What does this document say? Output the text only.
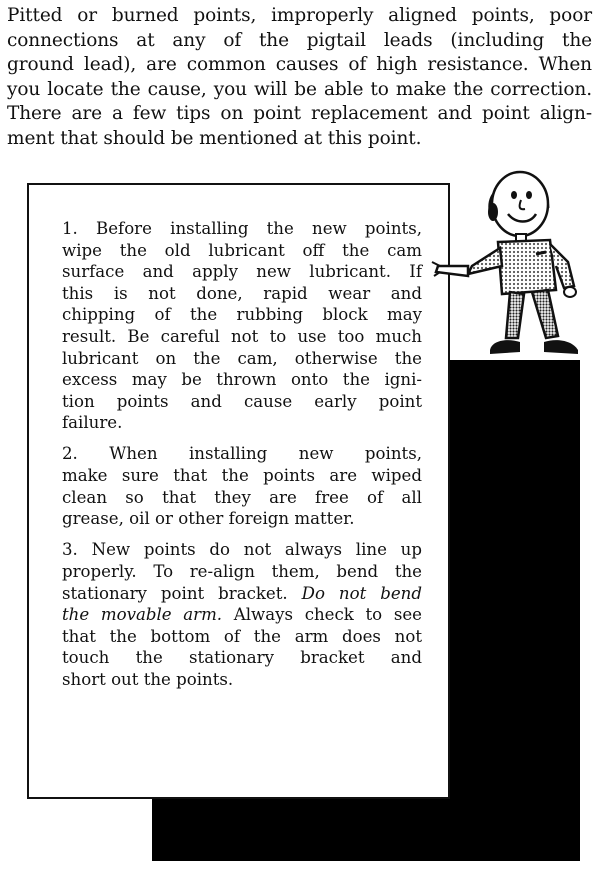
Pitted or burned points, improperly aligned points, poor
connections at any of the pigtail leads (including the
ground lead), are common causes of high resistance. When
you locate the cause, you will be able to make the correction.
There are a few tips on point replacement and point align-
ment that should be mentioned at this point.
1. Before installing the new points,
wipe the old lubricant off the cam
surface and apply new lubricant. If
this is not done, rapid wear and
chipping of the rubbing block may
result. Be careful not to use too much
lubricant on the cam, otherwise the
excess may be thrown onto the igni-
tion points and cause early point
failure.
2. When installing new points,
make sure that the points are wiped
clean so that they are free of all
grease, oil or other foreign matter.
3. New points do not always line up
properly. To re-align them, bend the
stationary point bracket. Do not bend
the movable arm. Always check to see
that the bottom of the arm does not
touch the stationary bracket and
short out the points.
